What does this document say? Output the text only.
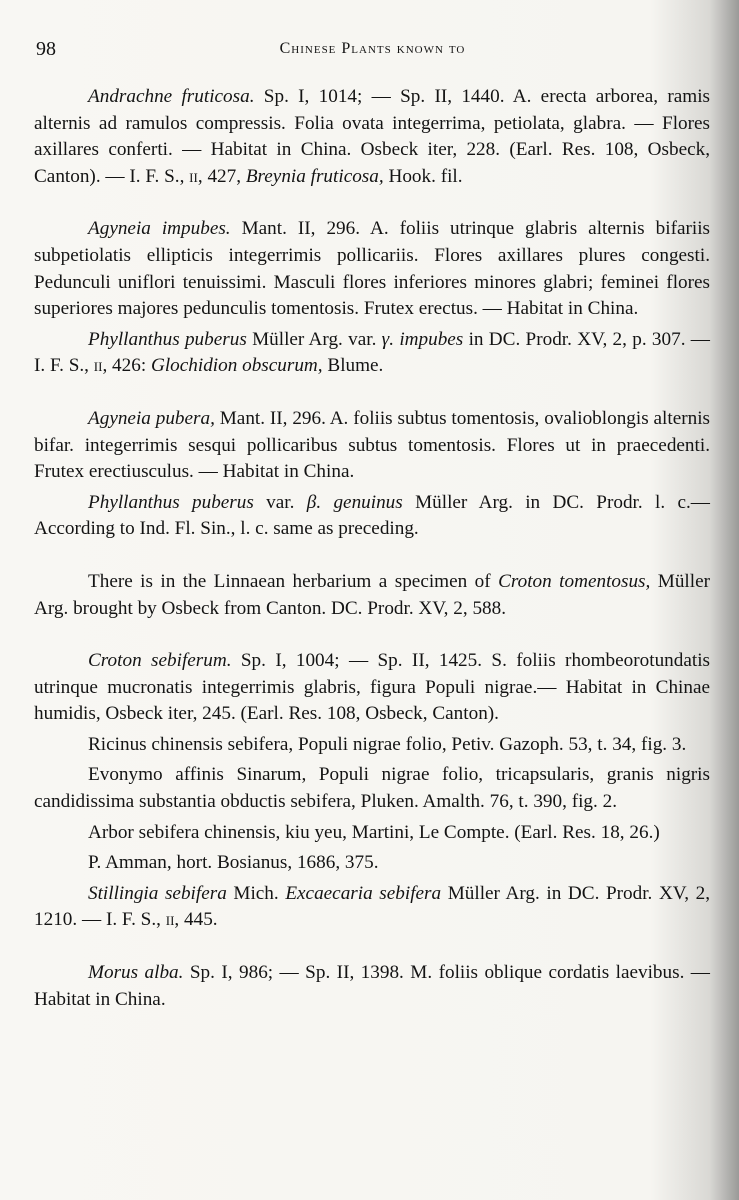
98	Chinese Plants known to

Andrachne fruticosa. Sp. I, 1014; — Sp. II, 1440. A. erecta arborea, ramis alternis ad ramulos compressis. Folia ovata integerrima, petiolata, glabra. — Flores axillares conferti. — Habitat in China. Osbeck iter, 228. (Earl. Res. 108, Osbeck, Canton). — I. F. S., ii, 427, Breynia fruticosa, Hook. fil.

Agyneia impubes. Mant. II, 296. A. foliis utrinque glabris alternis bifariis subpetiolatis ellipticis integerrimis pollicariis. Flores axillares plures congesti. Pedunculi uniflori tenuissimi. Masculi flores inferiores minores glabri; feminei flores superiores majores pedunculis tomentosis. Frutex erectus. — Habitat in China.

Phyllanthus puberus Müller Arg. var. γ. impubes in DC. Prodr. XV, 2, p. 307. — I. F. S., ii, 426: Glochidion obscurum, Blume.

Agyneia pubera, Mant. II, 296. A. foliis subtus tomentosis, ovalioblongis alternis bifar. integerrimis sesqui pollicaribus subtus tomentosis. Flores ut in praecedenti. Frutex erectiusculus. — Habitat in China.

Phyllanthus puberus var. β. genuinus Müller Arg. in DC. Prodr. l. c.— According to Ind. Fl. Sin., l. c. same as preceding.

There is in the Linnaean herbarium a specimen of Croton tomentosus, Müller Arg. brought by Osbeck from Canton. DC. Prodr. XV, 2, 588.

Croton sebiferum. Sp. I, 1004; — Sp. II, 1425. S. foliis rhombeorotundatis utrinque mucronatis integerrimis glabris, figura Populi nigrae.— Habitat in Chinae humidis, Osbeck iter, 245. (Earl. Res. 108, Osbeck, Canton).

Ricinus chinensis sebifera, Populi nigrae folio, Petiv. Gazoph. 53, t. 34, fig. 3.

Evonymo affinis Sinarum, Populi nigrae folio, tricapsularis, granis nigris candidissima substantia obductis sebifera, Pluken. Amalth. 76, t. 390, fig. 2.

Arbor sebifera chinensis, kiu yeu, Martini, Le Compte. (Earl. Res. 18, 26.)

P. Amman, hort. Bosianus, 1686, 375.

Stillingia sebifera Mich. Excaecaria sebifera Müller Arg. in DC. Prodr. XV, 2, 1210. — I. F. S., ii, 445.

Morus alba. Sp. I, 986; — Sp. II, 1398. M. foliis oblique cordatis laevibus. — Habitat in China.
